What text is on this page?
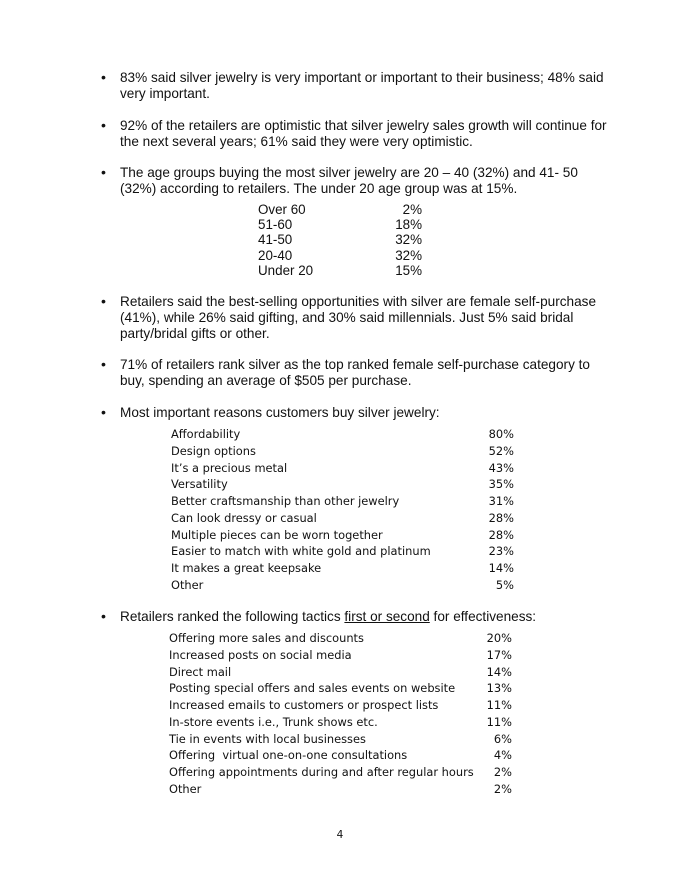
• 83% said silver jewelry is very important or important to their business; 48% said very important.
• 92% of the retailers are optimistic that silver jewelry sales growth will continue for the next several years; 61% said they were very optimistic.
• The age groups buying the most silver jewelry are 20 – 40 (32%) and 41- 50 (32%) according to retailers. The under 20 age group was at 15%.
Over 60	2%
51-60	18%
41-50	32%
20-40	32%
Under 20	15%
• Retailers said the best-selling opportunities with silver are female self-purchase (41%), while 26% said gifting, and 30% said millennials. Just 5% said bridal party/bridal gifts or other.
• 71% of retailers rank silver as the top ranked female self-purchase category to buy, spending an average of $505 per purchase.
• Most important reasons customers buy silver jewelry:
Affordability	80%
Design options	52%
It’s a precious metal	43%
Versatility	35%
Better craftsmanship than other jewelry	31%
Can look dressy or casual	28%
Multiple pieces can be worn together	28%
Easier to match with white gold and platinum	23%
It makes a great keepsake	14%
Other	5%
• Retailers ranked the following tactics first or second for effectiveness:
Offering more sales and discounts	20%
Increased posts on social media	17%
Direct mail	14%
Posting special offers and sales events on website	13%
Increased emails to customers or prospect lists	11%
In-store events i.e., Trunk shows etc.	11%
Tie in events with local businesses	6%
Offering  virtual one-on-one consultations	4%
Offering appointments during and after regular hours 2%
Other	2%
4
